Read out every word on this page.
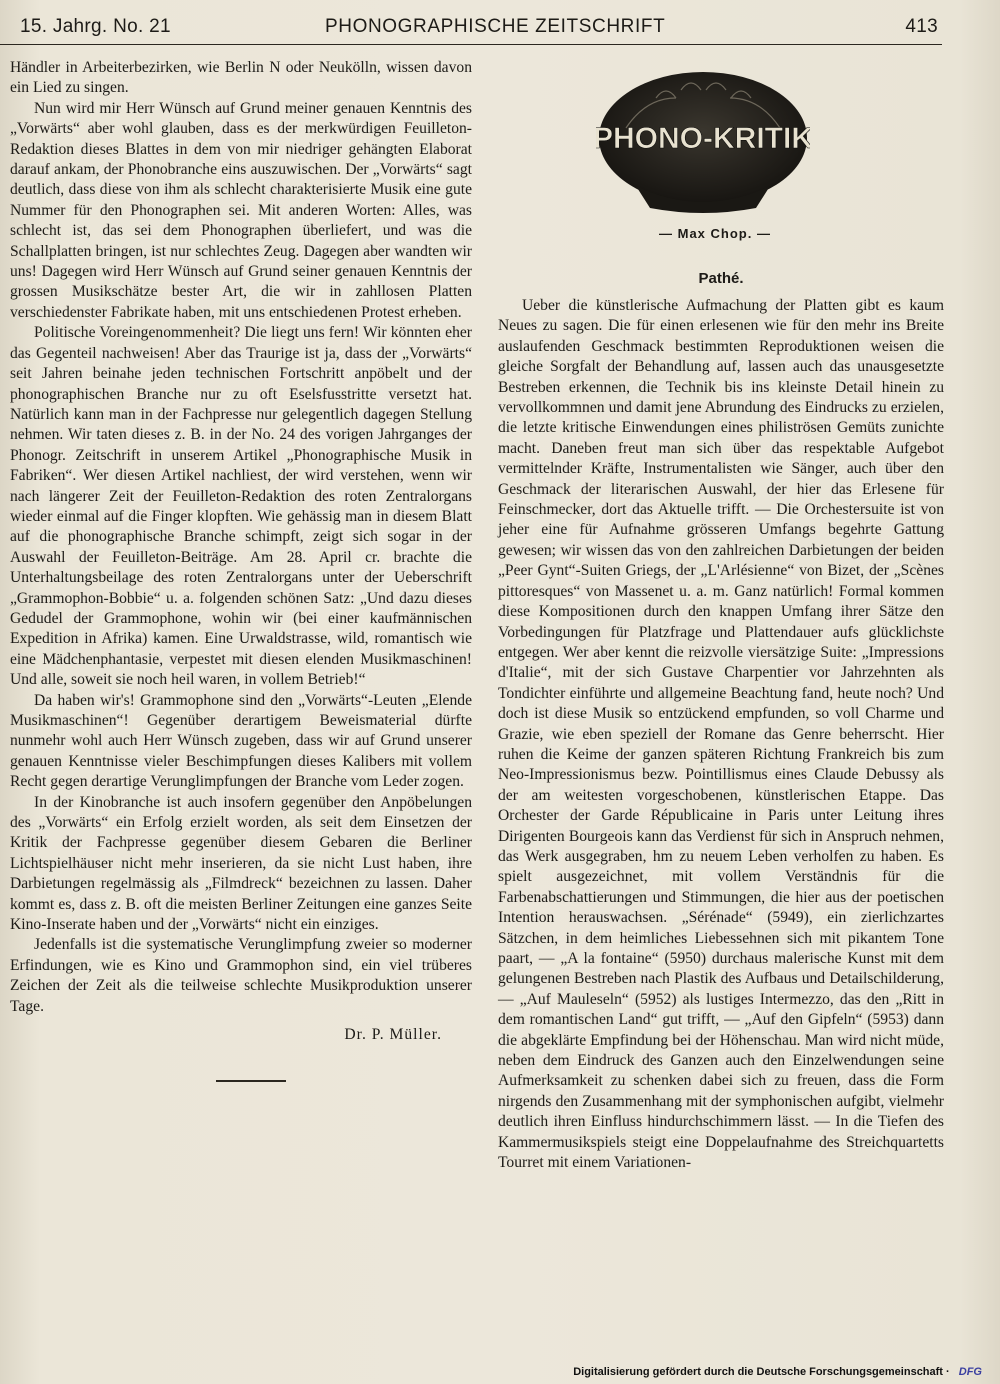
15. Jahrg. No. 21	PHONOGRAPHISCHE ZEITSCHRIFT	413

Händler in Arbeiterbezirken, wie Berlin N oder Neukölln, wissen davon ein Lied zu singen.

Nun wird mir Herr Wünsch auf Grund meiner genauen Kenntnis des „Vorwärts“ aber wohl glauben, dass es der merkwürdigen Feuilleton-Redaktion dieses Blattes in dem von mir niedriger gehängten Elaborat darauf ankam, der Phonobranche eins auszuwischen. Der „Vorwärts“ sagt deutlich, dass diese von ihm als schlecht charakterisierte Musik eine gute Nummer für den Phonographen sei. Mit anderen Worten: Alles, was schlecht ist, das sei dem Phonographen überliefert, und was die Schallplatten bringen, ist nur schlechtes Zeug. Dagegen aber wandten wir uns! Dagegen wird Herr Wünsch auf Grund seiner genauen Kenntnis der grossen Musikschätze bester Art, die wir in zahllosen Platten verschiedenster Fabrikate haben, mit uns entschiedenen Protest erheben.

Politische Voreingenommenheit? Die liegt uns fern! Wir könnten eher das Gegenteil nachweisen! Aber das Traurige ist ja, dass der „Vorwärts“ seit Jahren beinahe jeden technischen Fortschritt anpöbelt und der phonographischen Branche nur zu oft Eselsfusstritte versetzt hat. Natürlich kann man in der Fachpresse nur gelegentlich dagegen Stellung nehmen. Wir taten dieses z. B. in der No. 24 des vorigen Jahrganges der Phonogr. Zeitschrift in unserem Artikel „Phonographische Musik in Fabriken“. Wer diesen Artikel nachliest, der wird verstehen, wenn wir nach längerer Zeit der Feuilleton-Redaktion des roten Zentralorgans wieder einmal auf die Finger klopften. Wie gehässig man in diesem Blatt auf die phonographische Branche schimpft, zeigt sich sogar in der Auswahl der Feuilleton-Beiträge. Am 28. April cr. brachte die Unterhaltungsbeilage des roten Zentralorgans unter der Ueberschrift „Grammophon-Bobbie“ u. a. folgenden schönen Satz: „Und dazu dieses Gedudel der Grammophone, wohin wir (bei einer kaufmännischen Expedition in Afrika) kamen. Eine Urwaldstrasse, wild, romantisch wie eine Mädchenphantasie, verpestet mit diesen elenden Musikmaschinen! Und alle, soweit sie noch heil waren, in vollem Betrieb!“

Da haben wir's! Grammophone sind den „Vorwärts“-Leuten „Elende Musikmaschinen“! Gegenüber derartigem Beweismaterial dürfte nunmehr wohl auch Herr Wünsch zugeben, dass wir auf Grund unserer genauen Kenntnisse vieler Beschimpfungen dieses Kalibers mit vollem Recht gegen derartige Verunglimpfungen der Branche vom Leder zogen.

In der Kinobranche ist auch insofern gegenüber den Anpöbelungen des „Vorwärts“ ein Erfolg erzielt worden, als seit dem Einsetzen der Kritik der Fachpresse gegenüber diesem Gebaren die Berliner Lichtspielhäuser nicht mehr inserieren, da sie nicht Lust haben, ihre Darbietungen regelmässig als „Filmdreck“ bezeichnen zu lassen. Daher kommt es, dass z. B. oft die meisten Berliner Zeitungen eine ganzes Seite Kino-Inserate haben und der „Vorwärts“ nicht ein einziges.

Jedenfalls ist die systematische Verunglimpfung zweier so moderner Erfindungen, wie es Kino und Grammophon sind, ein viel trüberes Zeichen der Zeit als die teilweise schlechte Musikproduktion unserer Tage.

Dr. P. Müller.
PHONO-KRITIK
— Max Chop. —
Pathé.

Ueber die künstlerische Aufmachung der Platten gibt es kaum Neues zu sagen. Die für einen erlesenen wie für den mehr ins Breite auslaufenden Geschmack bestimmten Reproduktionen weisen die gleiche Sorgfalt der Behandlung auf, lassen auch das unausgesetzte Bestreben erkennen, die Technik bis ins kleinste Detail hinein zu vervollkommnen und damit jene Abrundung des Eindrucks zu erzielen, die letzte kritische Einwendungen eines philiströsen Gemüts zunichte macht. Daneben freut man sich über das respektable Aufgebot vermittelnder Kräfte, Instrumentalisten wie Sänger, auch über den Geschmack der literarischen Auswahl, der hier das Erlesene für Feinschmecker, dort das Aktuelle trifft. — Die Orchestersuite ist von jeher eine für Aufnahme grösseren Umfangs begehrte Gattung gewesen; wir wissen das von den zahlreichen Darbietungen der beiden „Peer Gynt“-Suiten Griegs, der „L'Arlésienne“ von Bizet, der „Scènes pittoresques“ von Massenet u. a. m. Ganz natürlich! Formal kommen diese Kompositionen durch den knappen Umfang ihrer Sätze den Vorbedingungen für Platzfrage und Plattendauer aufs glücklichste entgegen. Wer aber kennt die reizvolle viersätzige Suite: „Impressions d'Italie“, mit der sich Gustave Charpentier vor Jahrzehnten als Tondichter einführte und allgemeine Beachtung fand, heute noch? Und doch ist diese Musik so entzückend empfunden, so voll Charme und Grazie, wie eben speziell der Romane das Genre beherrscht. Hier ruhen die Keime der ganzen späteren Richtung Frankreich bis zum Neo-Impressionismus bezw. Pointillismus eines Claude Debussy als der am weitesten vorgeschobenen, künstlerischen Etappe. Das Orchester der Garde Républicaine in Paris unter Leitung ihres Dirigenten Bourgeois kann das Verdienst für sich in Anspruch nehmen, das Werk ausgegraben, hm zu neuem Leben verholfen zu haben. Es spielt ausgezeichnet, mit vollem Verständnis für die Farbenabschattierungen und Stimmungen, die hier aus der poetischen Intention herauswachsen. „Sérénade“ (5949), ein zierlichzartes Sätzchen, in dem heimliches Liebessehnen sich mit pikantem Tone paart, — „A la fontaine“ (5950) durchaus malerische Kunst mit dem gelungenen Bestreben nach Plastik des Aufbaus und Detailschilderung, — „Auf Mauleseln“ (5952) als lustiges Intermezzo, das den „Ritt in dem romantischen Land“ gut trifft, — „Auf den Gipfeln“ (5953) dann die abgeklärte Empfindung bei der Höhenschau. Man wird nicht müde, neben dem Eindruck des Ganzen auch den Einzelwendungen seine Aufmerksamkeit zu schenken dabei sich zu freuen, dass die Form nirgends den Zusammenhang mit der symphonischen aufgibt, vielmehr deutlich ihren Einfluss hindurchschimmern lässt. — In die Tiefen des Kammermusikspiels steigt eine Doppelaufnahme des Streichquartetts Tourret mit einem Variationen-

Digitalisierung gefördert durch die Deutsche Forschungsgemeinschaft · DFG
